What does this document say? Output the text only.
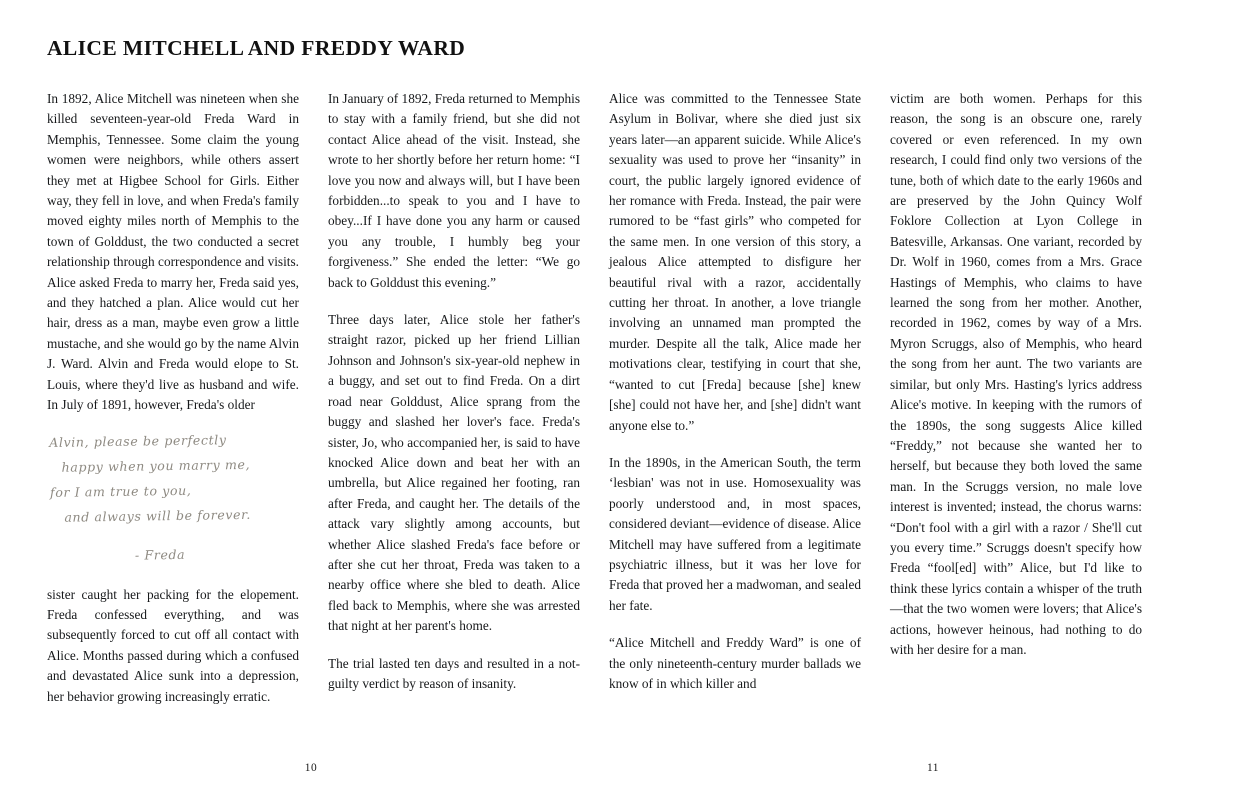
ALICE MITCHELL AND FREDDY WARD

In 1892, Alice Mitchell was nineteen when she killed seventeen-year-old Freda Ward in Memphis, Tennessee. Some claim the young women were neighbors, while others assert they met at Higbee School for Girls. Either way, they fell in love, and when Freda's family moved eighty miles north of Memphis to the town of Golddust, the two conducted a secret relationship through correspondence and visits. Alice asked Freda to marry her, Freda said yes, and they hatched a plan. Alice would cut her hair, dress as a man, maybe even grow a little mustache, and she would go by the name Alvin J. Ward. Alvin and Freda would elope to St. Louis, where they'd live as husband and wife. In July of 1891, however, Freda's older

Alvin, please be perfectly
happy when you marry me,
for I am true to you,
and always will be forever.
- Freda

sister caught her packing for the elopement. Freda confessed everything, and was subsequently forced to cut off all contact with Alice. Months passed during which a confused and devastated Alice sunk into a depression, her behavior growing increasingly erratic.

In January of 1892, Freda returned to Memphis to stay with a family friend, but she did not contact Alice ahead of the visit. Instead, she wrote to her shortly before her return home: “I love you now and always will, but I have been forbidden...to speak to you and I have to obey...If I have done you any harm or caused you any trouble, I humbly beg your forgiveness.” She ended the letter: “We go back to Golddust this evening.”

Three days later, Alice stole her father's straight razor, picked up her friend Lillian Johnson and Johnson's six-year-old nephew in a buggy, and set out to find Freda. On a dirt road near Golddust, Alice sprang from the buggy and slashed her lover's face. Freda's sister, Jo, who accompanied her, is said to have knocked Alice down and beat her with an umbrella, but Alice regained her footing, ran after Freda, and caught her. The details of the attack vary slightly among accounts, but whether Alice slashed Freda's face before or after she cut her throat, Freda was taken to a nearby office where she bled to death. Alice fled back to Memphis, where she was arrested that night at her parent's home.

The trial lasted ten days and resulted in a not-guilty verdict by reason of insanity.

Alice was committed to the Tennessee State Asylum in Bolivar, where she died just six years later—an apparent suicide. While Alice's sexuality was used to prove her “insanity” in court, the public largely ignored evidence of her romance with Freda. Instead, the pair were rumored to be “fast girls” who competed for the same men. In one version of this story, a jealous Alice attempted to disfigure her beautiful rival with a razor, accidentally cutting her throat. In another, a love triangle involving an unnamed man prompted the murder. Despite all the talk, Alice made her motivations clear, testifying in court that she, “wanted to cut [Freda] because [she] knew [she] could not have her, and [she] didn't want anyone else to.”

In the 1890s, in the American South, the term ‘lesbian' was not in use. Homosexuality was poorly understood and, in most spaces, considered deviant—evidence of disease. Alice Mitchell may have suffered from a legitimate psychiatric illness, but it was her love for Freda that proved her a madwoman, and sealed her fate.

“Alice Mitchell and Freddy Ward” is one of the only nineteenth-century murder ballads we know of in which killer and

victim are both women. Perhaps for this reason, the song is an obscure one, rarely covered or even referenced. In my own research, I could find only two versions of the tune, both of which date to the early 1960s and are preserved by the John Quincy Wolf Foklore Collection at Lyon College in Batesville, Arkansas. One variant, recorded by Dr. Wolf in 1960, comes from a Mrs. Grace Hastings of Memphis, who claims to have learned the song from her mother. Another, recorded in 1962, comes by way of a Mrs. Myron Scruggs, also of Memphis, who heard the song from her aunt. The two variants are similar, but only Mrs. Hasting's lyrics address Alice's motive. In keeping with the rumors of the 1890s, the song suggests Alice killed “Freddy,” not because she wanted her to herself, but because they both loved the same man. In the Scruggs version, no male love interest is invented; instead, the chorus warns: “Don't fool with a girl with a razor / She'll cut you every time.” Scruggs doesn't specify how Freda “fool[ed] with” Alice, but I'd like to think these lyrics contain a whisper of the truth—that the two women were lovers; that Alice's actions, however heinous, had nothing to do with her desire for a man.

10	11
